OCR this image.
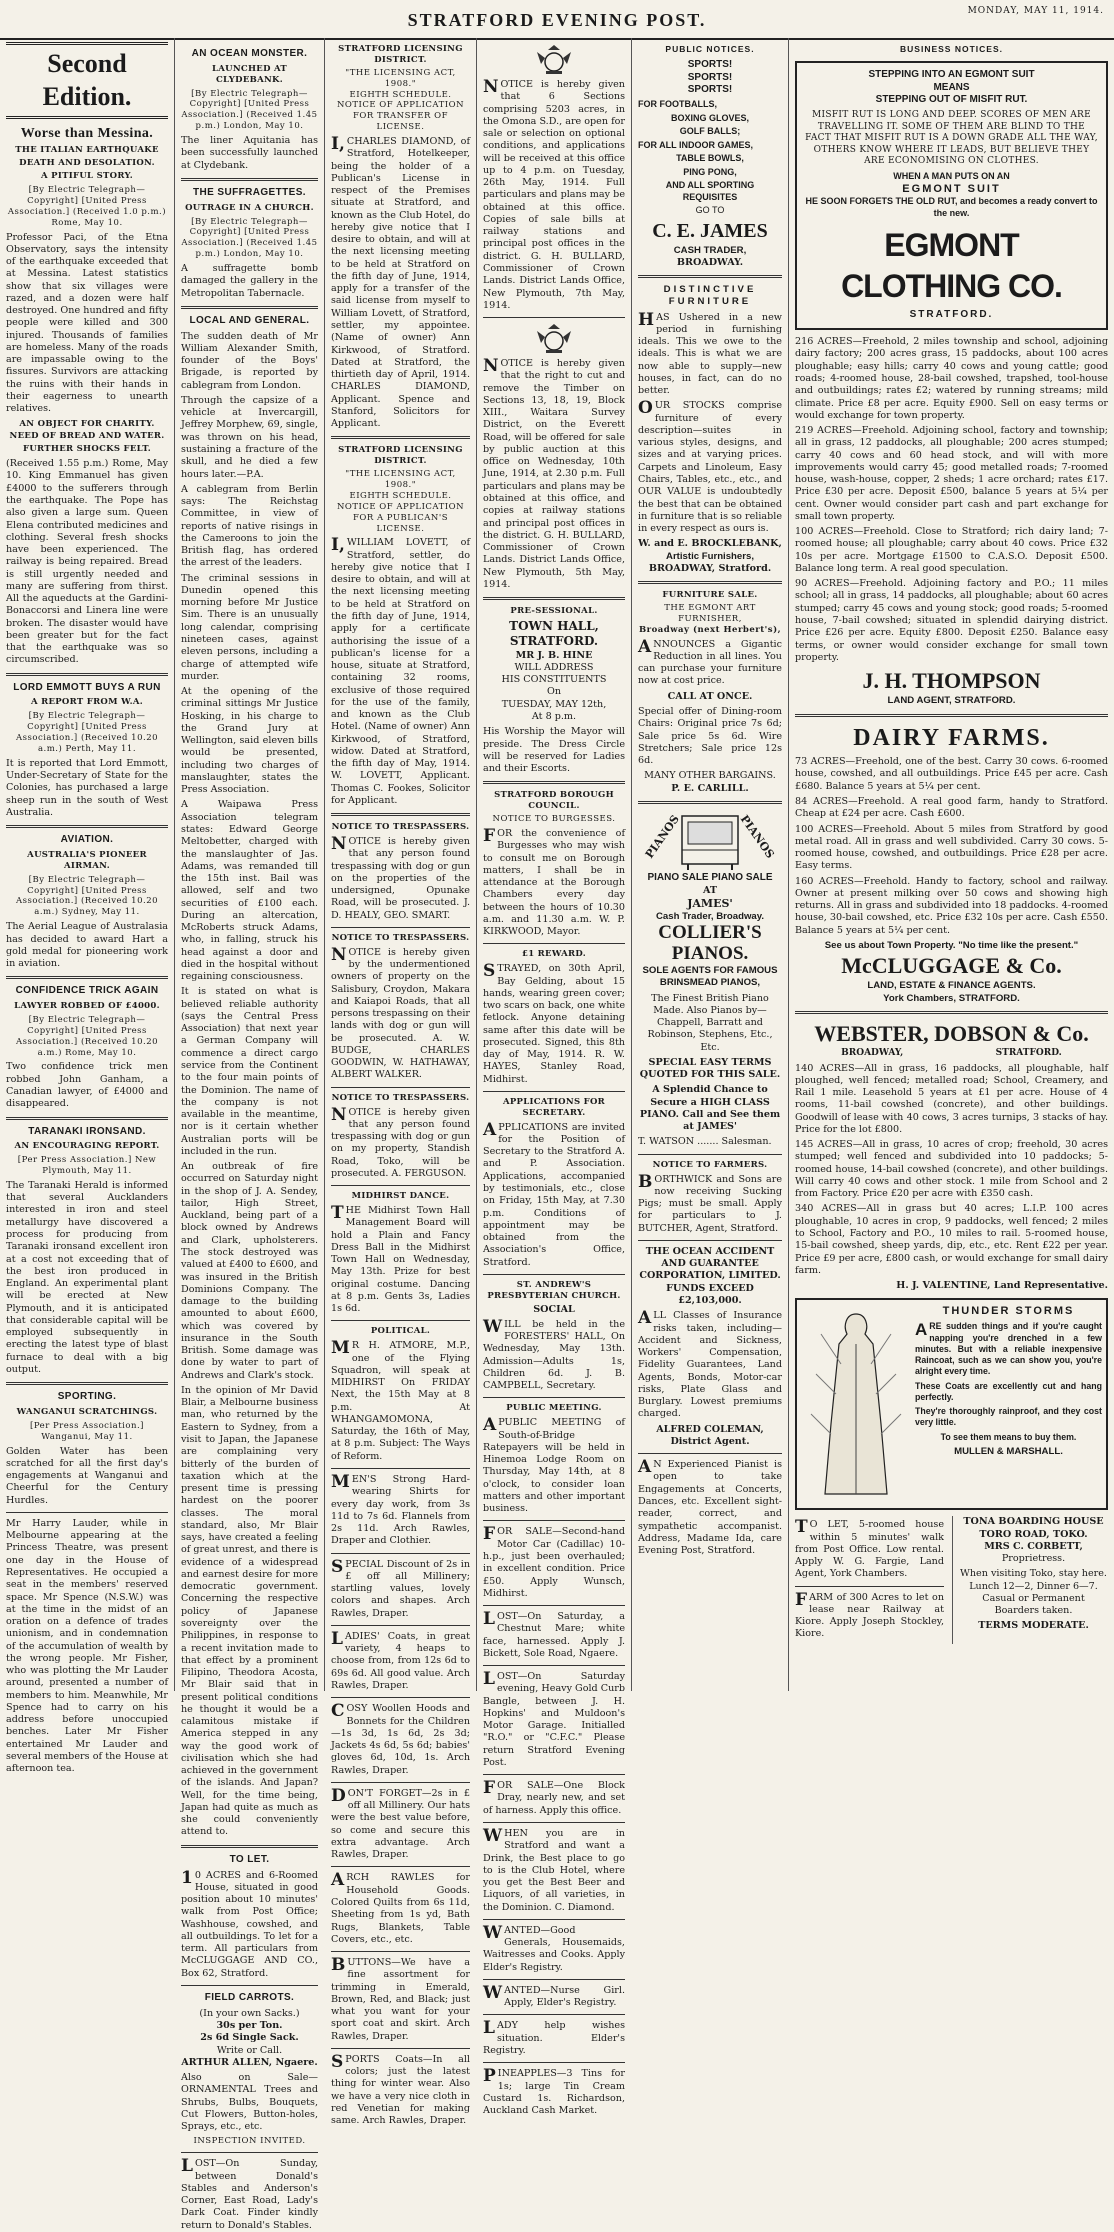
STRATFORD EVENING POST.	MONDAY, MAY 11, 1914.
Second Edition.
Worse than Messina.
THE ITALIAN EARTHQUAKE
DEATH AND DESOLATION.
A PITIFUL STORY.

[By Electric Telegraph—Copyright] [United Press Association.] (Received 1.0 p.m.) Rome, May 10.

Professor Paci, of the Etna Observatory, says the intensity of the earthquake exceeded that at Messina. Latest statistics show that six villages were razed, and a dozen were half destroyed. One hundred and fifty people were killed and 300 injured. Thousands of families are homeless. Many of the roads are impassable owing to the fissures. Survivors are attacking the ruins with their hands in their eagerness to unearth relatives.

AN OBJECT FOR CHARITY.
NEED OF BREAD AND WATER.
FURTHER SHOCKS FELT.

(Received 1.55 p.m.) Rome, May 10. King Emmanuel has given £4000 to the sufferers through the earthquake. The Pope has also given a large sum. Queen Elena contributed medicines and clothing. Several fresh shocks have been experienced. The railway is being repaired. Bread is still urgently needed and many are suffering from thirst. All the aqueducts at the Gardini-Bonaccorsi and Linera line were broken. The disaster would have been greater but for the fact that the earthquake was so circumscribed.

LORD EMMOTT BUYS A RUN
A REPORT FROM W.A.

[By Electric Telegraph—Copyright] [United Press Association.] (Received 10.20 a.m.) Perth, May 11.

It is reported that Lord Emmott, Under-Secretary of State for the Colonies, has purchased a large sheep run in the south of West Australia.

AVIATION.
AUSTRALIA'S PIONEER AIRMAN.

[By Electric Telegraph—Copyright] [United Press Association.] (Received 10.20 a.m.) Sydney, May 11.

The Aerial League of Australasia has decided to award Hart a gold medal for pioneering work in aviation.

CONFIDENCE TRICK AGAIN
LAWYER ROBBED OF £4000.

[By Electric Telegraph—Copyright] [United Press Association.] (Received 10.20 a.m.) Rome, May 10.

Two confidence trick men robbed John Ganham, a Canadian lawyer, of £4000 and disappeared.

TARANAKI IRONSAND.
AN ENCOURAGING REPORT.

[Per Press Association.] New Plymouth, May 11.

The Taranaki Herald is informed that several Aucklanders interested in iron and steel metallurgy have discovered a process for producing from Taranaki ironsand excellent iron at a cost not exceeding that of the best iron produced in England. An experimental plant will be erected at New Plymouth, and it is anticipated that considerable capital will be employed subsequently in erecting the latest type of blast furnace to deal with a big output.

SPORTING.
WANGANUI SCRATCHINGS.

[Per Press Association.] Wanganui, May 11.

Golden Water has been scratched for all the first day's engagements at Wanganui and Cheerful for the Century Hurdles.

Mr Harry Lauder, while in Melbourne appearing at the Princess Theatre, was present one day in the House of Representatives. He occupied a seat in the members' reserved space. Mr Spence (N.S.W.) was at the time in the midst of an oration on a defence of trades unionism, and in condemnation of the accumulation of wealth by the wrong people. Mr Fisher, who was plotting the Mr Lauder around, presented a number of members to him. Meanwhile, Mr Spence had to carry on his address before unoccupied benches. Later Mr Fisher entertained Mr Lauder and several members of the House at afternoon tea.

AN OCEAN MONSTER.
LAUNCHED AT CLYDEBANK.

[By Electric Telegraph—Copyright] [United Press Association.] (Received 1.45 p.m.) London, May 10.

The liner Aquitania has been successfully launched at Clydebank.

THE SUFFRAGETTES.
OUTRAGE IN A CHURCH.

[By Electric Telegraph—Copyright] [United Press Association.] (Received 1.45 p.m.) London, May 10.

A suffragette bomb damaged the gallery in the Metropolitan Tabernacle.

LOCAL AND GENERAL.

The sudden death of Mr William Alexander Smith, founder of the Boys' Brigade, is reported by cablegram from London.

Through the capsize of a vehicle at Invercargill, Jeffrey Morphew, 69, single, was thrown on his head, sustaining a fracture of the skull, and he died a few hours later.—P.A.

A cablegram from Berlin says: The Reichstag Committee, in view of reports of native risings in the Cameroons to join the British flag, has ordered the arrest of the leaders.

The criminal sessions in Dunedin opened this morning before Mr Justice Sim. There is an unusually long calendar, comprising nineteen cases, against eleven persons, including a charge of attempted wife murder.

At the opening of the criminal sittings Mr Justice Hosking, in his charge to the Grand Jury at Wellington, said eleven bills would be presented, including two charges of manslaughter, states the Press Association.

A Waipawa Press Association telegram states: Edward George Meltobetter, charged with the manslaughter of Jas. Adams, was remanded till the 15th inst. Bail was allowed, self and two securities of £100 each. During an altercation, McRoberts struck Adams, who, in falling, struck his head against a door and died in the hospital without regaining consciousness.

It is stated on what is believed reliable authority (says the Central Press Association) that next year a German Company will commence a direct cargo service from the Continent to the four main points of the Dominion. The name of the company is not available in the meantime, nor is it certain whether Australian ports will be included in the run.

An outbreak of fire occurred on Saturday night in the shop of J. A. Sendey, tailor, High Street, Auckland, being part of a block owned by Andrews and Clark, upholsterers. The stock destroyed was valued at £400 to £600, and was insured in the British Dominions Company. The damage to the building amounted to about £600, which was covered by insurance in the South British. Some damage was done by water to part of Andrews and Clark's stock.

In the opinion of Mr David Blair, a Melbourne business man, who returned by the Eastern to Sydney, from a visit to Japan, the Japanese are complaining very bitterly of the burden of taxation which at the present time is pressing hardest on the poorer classes. The moral standard, also, Mr Blair says, have created a feeling of great unrest, and there is evidence of a widespread and earnest desire for more democratic government. Concerning the respective policy of Japanese sovereignty over the Philippines, in response to a recent invitation made to that effect by a prominent Filipino, Theodora Acosta, Mr Blair said that in present political conditions he thought it would be a calamitous mistake if America stepped in any way the good work of civilisation which she had achieved in the government of the islands. And Japan? Well, for the time being, Japan had quite as much as she could conveniently attend to.

TO LET.

10 ACRES and 6-Roomed House, situated in good position about 10 minutes' walk from Post Office; Washhouse, cowshed, and all outbuildings. To let for a term. All particulars from McCLUGGAGE AND CO., Box 62, Stratford.

FIELD CARROTS.
(In your own Sacks.)
30s per Ton.
2s 6d Single Sack.
Write or Call.
ARTHUR ALLEN, Ngaere.

Also on Sale— ORNAMENTAL Trees and Shrubs, Bulbs, Bouquets, Cut Flowers, Button-holes, Sprays, etc., etc.

INSPECTION INVITED.

LOST—On Sunday, between Donald's Stables and Anderson's Corner, East Road, Lady's Dark Coat. Finder kindly return to Donald's Stables.

STRATFORD LICENSING DISTRICT.
"THE LICENSING ACT, 1908."
EIGHTH SCHEDULE.
NOTICE OF APPLICATION FOR TRANSFER OF LICENSE.

I,CHARLES DIAMOND, of Stratford, Hotelkeeper, being the holder of a Publican's License in respect of the Premises situate at Stratford, and known as the Club Hotel, do hereby give notice that I desire to obtain, and will at the next licensing meeting to be held at Stratford on the fifth day of June, 1914, apply for a transfer of the said license from myself to William Lovett, of Stratford, settler, my appointee. (Name of owner) Ann Kirkwood, of Stratford. Dated at Stratford, the thirtieth day of April, 1914. CHARLES DIAMOND, Applicant. Spence and Stanford, Solicitors for Applicant.

STRATFORD LICENSING DISTRICT.
"THE LICENSING ACT, 1908."
EIGHTH SCHEDULE.
NOTICE OF APPLICATION FOR A PUBLICAN'S LICENSE.

I,WILLIAM LOVETT, of Stratford, settler, do hereby give notice that I desire to obtain, and will at the next licensing meeting to be held at Stratford on the fifth day of June, 1914, apply for a certificate authorising the issue of a publican's license for a house, situate at Stratford, containing 32 rooms, exclusive of those required for the use of the family, and known as the Club Hotel. (Name of owner) Ann Kirkwood, of Stratford, widow. Dated at Stratford, the fifth day of May, 1914. W. LOVETT, Applicant. Thomas C. Fookes, Solicitor for Applicant.

NOTICE TO TRESPASSERS.

NOTICE is hereby given that any person found trespassing with dog or gun on the properties of the undersigned, Opunake Road, will be prosecuted. J. D. HEALY, GEO. SMART.

NOTICE TO TRESPASSERS.

NOTICE is hereby given by the undermentioned owners of property on the Salisbury, Croydon, Makara and Kaiapoi Roads, that all persons trespassing on their lands with dog or gun will be prosecuted. A. W. BUDGE, CHARLES GOODWIN, W. HATHAWAY, ALBERT WALKER.

NOTICE TO TRESPASSERS.

NOTICE is hereby given that any person found trespassing with dog or gun on my property, Standish Road, Toko, will be prosecuted. A. FERGUSON.

MIDHIRST DANCE.

THE Midhirst Town Hall Management Board will hold a Plain and Fancy Dress Ball in the Midhirst Town Hall on Wednesday, May 13th. Prize for best original costume. Dancing at 8 p.m. Gents 3s, Ladies 1s 6d.

POLITICAL.

MR H. ATMORE, M.P., one of the Flying Squadron, will speak at MIDHIRST On FRIDAY Next, the 15th May at 8 p.m. At WHANGAMOMONA, Saturday, the 16th of May, at 8 p.m. Subject: The Ways of Reform.

MEN'S Strong Hard-wearing Shirts for every day work, from 3s 11d to 7s 6d. Flannels from 2s 11d. Arch Rawles, Draper and Clothier.

SPECIAL Discount of 2s in £ off all Millinery; startling values, lovely colors and shapes. Arch Rawles, Draper.

LADIES' Coats, in great variety, 4 heaps to choose from, from 12s 6d to 69s 6d. All good value. Arch Rawles, Draper.

COSY Woollen Hoods and Bonnets for the Children—1s 3d, 1s 6d, 2s 3d; Jackets 4s 6d, 5s 6d; babies' gloves 6d, 10d, 1s. Arch Rawles, Draper.

DON'T FORGET—2s in £ off all Millinery. Our hats were the best value before, so come and secure this extra advantage. Arch Rawles, Draper.

ARCH RAWLES for Household Goods. Colored Quilts from 6s 11d, Sheeting from 1s yd, Bath Rugs, Blankets, Table Covers, etc., etc.

BUTTONS—We have a fine assortment for trimming in Emerald, Brown, Red, and Black; just what you want for your sport coat and skirt. Arch Rawles, Draper.

SPORTS Coats—In all colors; just the latest thing for winter wear. Also we have a very nice cloth in red Venetian for making same. Arch Rawles, Draper.

NOTICE is hereby given that 6 Sections comprising 5203 acres, in the Omona S.D., are open for sale or selection on optional conditions, and applications will be received at this office up to 4 p.m. on Tuesday, 26th May, 1914. Full particulars and plans may be obtained at this office. Copies of sale bills at railway stations and principal post offices in the district. G. H. BULLARD, Commissioner of Crown Lands. District Lands Office, New Plymouth, 7th May, 1914.

NOTICE is hereby given that the right to cut and remove the Timber on Sections 13, 18, 19, Block XIII., Waitara Survey District, on the Everett Road, will be offered for sale by public auction at this office on Wednesday, 10th June, 1914, at 2.30 p.m. Full particulars and plans may be obtained at this office, and copies at railway stations and principal post offices in the district. G. H. BULLARD, Commissioner of Crown Lands. District Lands Office, New Plymouth, 5th May, 1914.

PRE-SESSIONAL.
TOWN HALL, STRATFORD.
MR J. B. HINE
WILL ADDRESS
HIS CONSTITUENTS
On
TUESDAY, MAY 12th,
At 8 p.m.

His Worship the Mayor will preside. The Dress Circle will be reserved for Ladies and their Escorts.

STRATFORD BOROUGH COUNCIL.
NOTICE TO BURGESSES.

FOR the convenience of Burgesses who may wish to consult me on Borough matters, I shall be in attendance at the Borough Chambers every day between the hours of 10.30 a.m. and 11.30 a.m. W. P. KIRKWOOD, Mayor.

£1 REWARD.

STRAYED, on 30th April, Bay Gelding, about 15 hands, wearing green cover; two scars on back, one white fetlock. Anyone detaining same after this date will be prosecuted. Signed, this 8th day of May, 1914. R. W. HAYES, Stanley Road, Midhirst.

APPLICATIONS FOR SECRETARY.

APPLICATIONS are invited for the Position of Secretary to the Stratford A. and P. Association. Applications, accompanied by testimonials, etc., close on Friday, 15th May, at 7.30 p.m. Conditions of appointment may be obtained from the Association's Office, Stratford.

ST. ANDREW'S PRESBYTERIAN CHURCH.
SOCIAL

WILL be held in the FORESTERS' HALL, On Wednesday, May 13th. Admission—Adults 1s, Children 6d. J. B. CAMPBELL, Secretary.

PUBLIC MEETING.

APUBLIC MEETING of South-of-Bridge Ratepayers will be held in Hinemoa Lodge Room on Thursday, May 14th, at 8 o'clock, to consider loan matters and other important business.

FOR SALE—Second-hand Motor Car (Cadillac) 10-h.p., just been overhauled; in excellent condition. Price £50. Apply Wunsch, Midhirst.

LOST—On Saturday, a Chestnut Mare; white face, harnessed. Apply J. Bickett, Sole Road, Ngaere.

LOST—On Saturday evening, Heavy Gold Curb Bangle, between J. H. Hopkins' and Muldoon's Motor Garage. Initialled "R.O." or "C.F.C." Please return Stratford Evening Post.

FOR SALE—One Block Dray, nearly new, and set of harness. Apply this office.

WHEN you are in Stratford and want a Drink, the Best place to go to is the Club Hotel, where you get the Best Beer and Liquors, of all varieties, in the Dominion. C. Diamond.

WANTED—Good Generals, Housemaids, Waitresses and Cooks. Apply Elder's Registry.

WANTED—Nurse Girl. Apply, Elder's Registry.

LADY help wishes situation. Elder's Registry.

PINEAPPLES—3 Tins for 1s; large Tin Cream Custard 1s. Richardson, Auckland Cash Market.

PUBLIC NOTICES.
SPORTS!
SPORTS!
SPORTS!
FOR FOOTBALLS,
BOXING GLOVES,
GOLF BALLS;
FOR ALL INDOOR GAMES,
TABLE BOWLS,
PING PONG,
AND ALL SPORTING REQUISITES
GO TO
C. E. JAMES
CASH TRADER,
BROADWAY.
DISTINCTIVE
FURNITURE

HAS Ushered in a new period in furnishing ideals. This we owe to the ideals. This is what we are now able to supply—new houses, in fact, can do no better.

OUR STOCKS comprise furniture of every description—suites in various styles, designs, and sizes and at varying prices. Carpets and Linoleum, Easy Chairs, Tables, etc., etc., and OUR VALUE is undoubtedly the best that can be obtained in furniture that is so reliable in every respect as ours is.

W. and E. BROCKLEBANK,
Artistic Furnishers,
BROADWAY, Stratford.
FURNITURE SALE.
THE EGMONT ART FURNISHER,
Broadway (next Herbert's),

ANNOUNCES a Gigantic Reduction in all lines. You can purchase your furniture now at cost price.

CALL AT ONCE.

Special offer of Dining-room Chairs: Original price 7s 6d; Sale price 5s 6d. Wire Stretchers; Sale price 12s 6d.

MANY OTHER BARGAINS.
P. E. CARLILL.
PIANOS	PIANOS
PIANO SALE PIANO SALE
AT
JAMES'
Cash Trader, Broadway.
COLLIER'S PIANOS.
SOLE AGENTS FOR FAMOUS BRINSMEAD PIANOS,

The Finest British Piano Made. Also Pianos by—Chappell, Barratt and Robinson, Stephens, Etc., Etc.

SPECIAL EASY TERMS QUOTED FOR THIS SALE.

A Splendid Chance to Secure a HIGH CLASS PIANO. Call and See them at JAMES'

T. WATSON ....... Salesman.
NOTICE TO FARMERS.

BORTHWICK and Sons are now receiving Sucking Pigs; must be small. Apply for particulars to J. BUTCHER, Agent, Stratford.

THE OCEAN ACCIDENT AND GUARANTEE CORPORATION, LIMITED.
FUNDS EXCEED £2,103,000.

ALL Classes of Insurance risks taken, including—Accident and Sickness, Workers' Compensation, Fidelity Guarantees, Land Agents, Bonds, Motor-car risks, Plate Glass and Burglary. Lowest premiums charged.

ALFRED COLEMAN, District Agent.

AN Experienced Pianist is open to take Engagements at Concerts, Dances, etc. Excellent sight-reader, correct, and sympathetic accompanist. Address, Madame Ida, care Evening Post, Stratford.

BUSINESS NOTICES.
STEPPING INTO AN EGMONT SUIT
MEANS
STEPPING OUT OF MISFIT RUT.

MISFIT RUT IS LONG AND DEEP. SCORES OF MEN ARE TRAVELLING IT. SOME OF THEM ARE BLIND TO THE FACT THAT MISFIT RUT IS A DOWN GRADE ALL THE WAY, OTHERS KNOW WHERE IT LEADS, BUT BELIEVE THEY ARE ECONOMISING ON CLOTHES.

WHEN A MAN PUTS ON AN
EGMONT SUIT
HE SOON FORGETS THE OLD RUT, and becomes a ready convert to the new.
EGMONT CLOTHING CO.
STRATFORD.

216 ACRES—Freehold, 2 miles township and school, adjoining dairy factory; 200 acres grass, 15 paddocks, about 100 acres ploughable; easy hills; carry 40 cows and young cattle; good roads; 4-roomed house, 28-bail cowshed, trapshed, tool-house and outbuildings; rates £2; watered by running streams; mild climate. Price £8 per acre. Equity £900. Sell on easy terms or would exchange for town property.

219 ACRES—Freehold. Adjoining school, factory and township; all in grass, 12 paddocks, all ploughable; 200 acres stumped; carry 40 cows and 60 head stock, and will with more improvements would carry 45; good metalled roads; 7-roomed house, wash-house, copper, 2 sheds; 1 acre orchard; rates £17. Price £30 per acre. Deposit £500, balance 5 years at 5¼ per cent. Owner would consider part cash and part exchange for small town property.

100 ACRES—Freehold. Close to Stratford; rich dairy land; 7-roomed house; all ploughable; carry about 40 cows. Price £32 10s per acre. Mortgage £1500 to C.A.S.O. Deposit £500. Balance long term. A real good speculation.

90 ACRES—Freehold. Adjoining factory and P.O.; 11 miles school; all in grass, 14 paddocks, all ploughable; about 60 acres stumped; carry 45 cows and young stock; good roads; 5-roomed house, 7-bail cowshed; situated in splendid dairying district. Price £26 per acre. Equity £800. Deposit £250. Balance easy terms, or owner would consider exchange for small town property.

J. H. THOMPSON
LAND AGENT, STRATFORD.
DAIRY FARMS.

73 ACRES—Freehold, one of the best. Carry 30 cows. 6-roomed house, cowshed, and all outbuildings. Price £45 per acre. Cash £680. Balance 5 years at 5¼ per cent.

84 ACRES—Freehold. A real good farm, handy to Stratford. Cheap at £24 per acre. Cash £600.

100 ACRES—Freehold. About 5 miles from Stratford by good metal road. All in grass and well subdivided. Carry 30 cows. 5-roomed house, cowshed, and outbuildings. Price £28 per acre. Easy terms.

160 ACRES—Freehold. Handy to factory, school and railway. Owner at present milking over 50 cows and showing high returns. All in grass and subdivided into 18 paddocks. 4-roomed house, 30-bail cowshed, etc. Price £32 10s per acre. Cash £550. Balance 5 years at 5¼ per cent.

See us about Town Property. "No time like the present."
McCLUGGAGE & Co.
LAND, ESTATE & FINANCE AGENTS.
York Chambers, STRATFORD.
WEBSTER, DOBSON & Co.
BROADWAY,	STRATFORD.

140 ACRES—All in grass, 16 paddocks, all ploughable, half ploughed, well fenced; metalled road; School, Creamery, and Rail 1 mile. Leasehold 5 years at £1 per acre. House of 4 rooms, 11-bail cowshed (concrete), and other buildings. Goodwill of lease with 40 cows, 3 acres turnips, 3 stacks of hay. Price for the lot £800.

145 ACRES—All in grass, 10 acres of crop; freehold, 30 acres stumped; well fenced and subdivided into 10 paddocks; 5-roomed house, 14-bail cowshed (concrete), and other buildings. Will carry 40 cows and other stock. 1 mile from School and 2 from Factory. Price £20 per acre with £350 cash.

340 ACRES—All in grass but 40 acres; L.I.P. 100 acres ploughable, 10 acres in crop, 9 paddocks, well fenced; 2 miles to School, Factory and P.O., 10 miles to rail. 5-roomed house, 15-bail cowshed, sheep yards, dip, etc., etc. Rent £22 per year. Price £9 per acre, £800 cash, or would exchange for small dairy farm.

H. J. VALENTINE, Land Representative.
THUNDER STORMS

ARE sudden things and if you're caught napping you're drenched in a few minutes. But with a reliable inexpensive Raincoat, such as we can show you, you're alright every time.

These Coats are excellently cut and hang perfectly.

They're thoroughly rainproof, and they cost very little.

To see them means to buy them.

MULLEN & MARSHALL.

TO LET, 5-roomed house within 5 minutes' walk from Post Office. Low rental. Apply W. G. Fargie, Land Agent, York Chambers.

FARM of 300 Acres to let on lease near Railway at Kiore. Apply Joseph Stockley, Kiore.

TONA BOARDING HOUSE TORO ROAD, TOKO.
MRS C. CORBETT,
Proprietress.

When visiting Toko, stay here. Lunch 12—2, Dinner 6—7. Casual or Permanent Boarders taken.

TERMS MODERATE.
